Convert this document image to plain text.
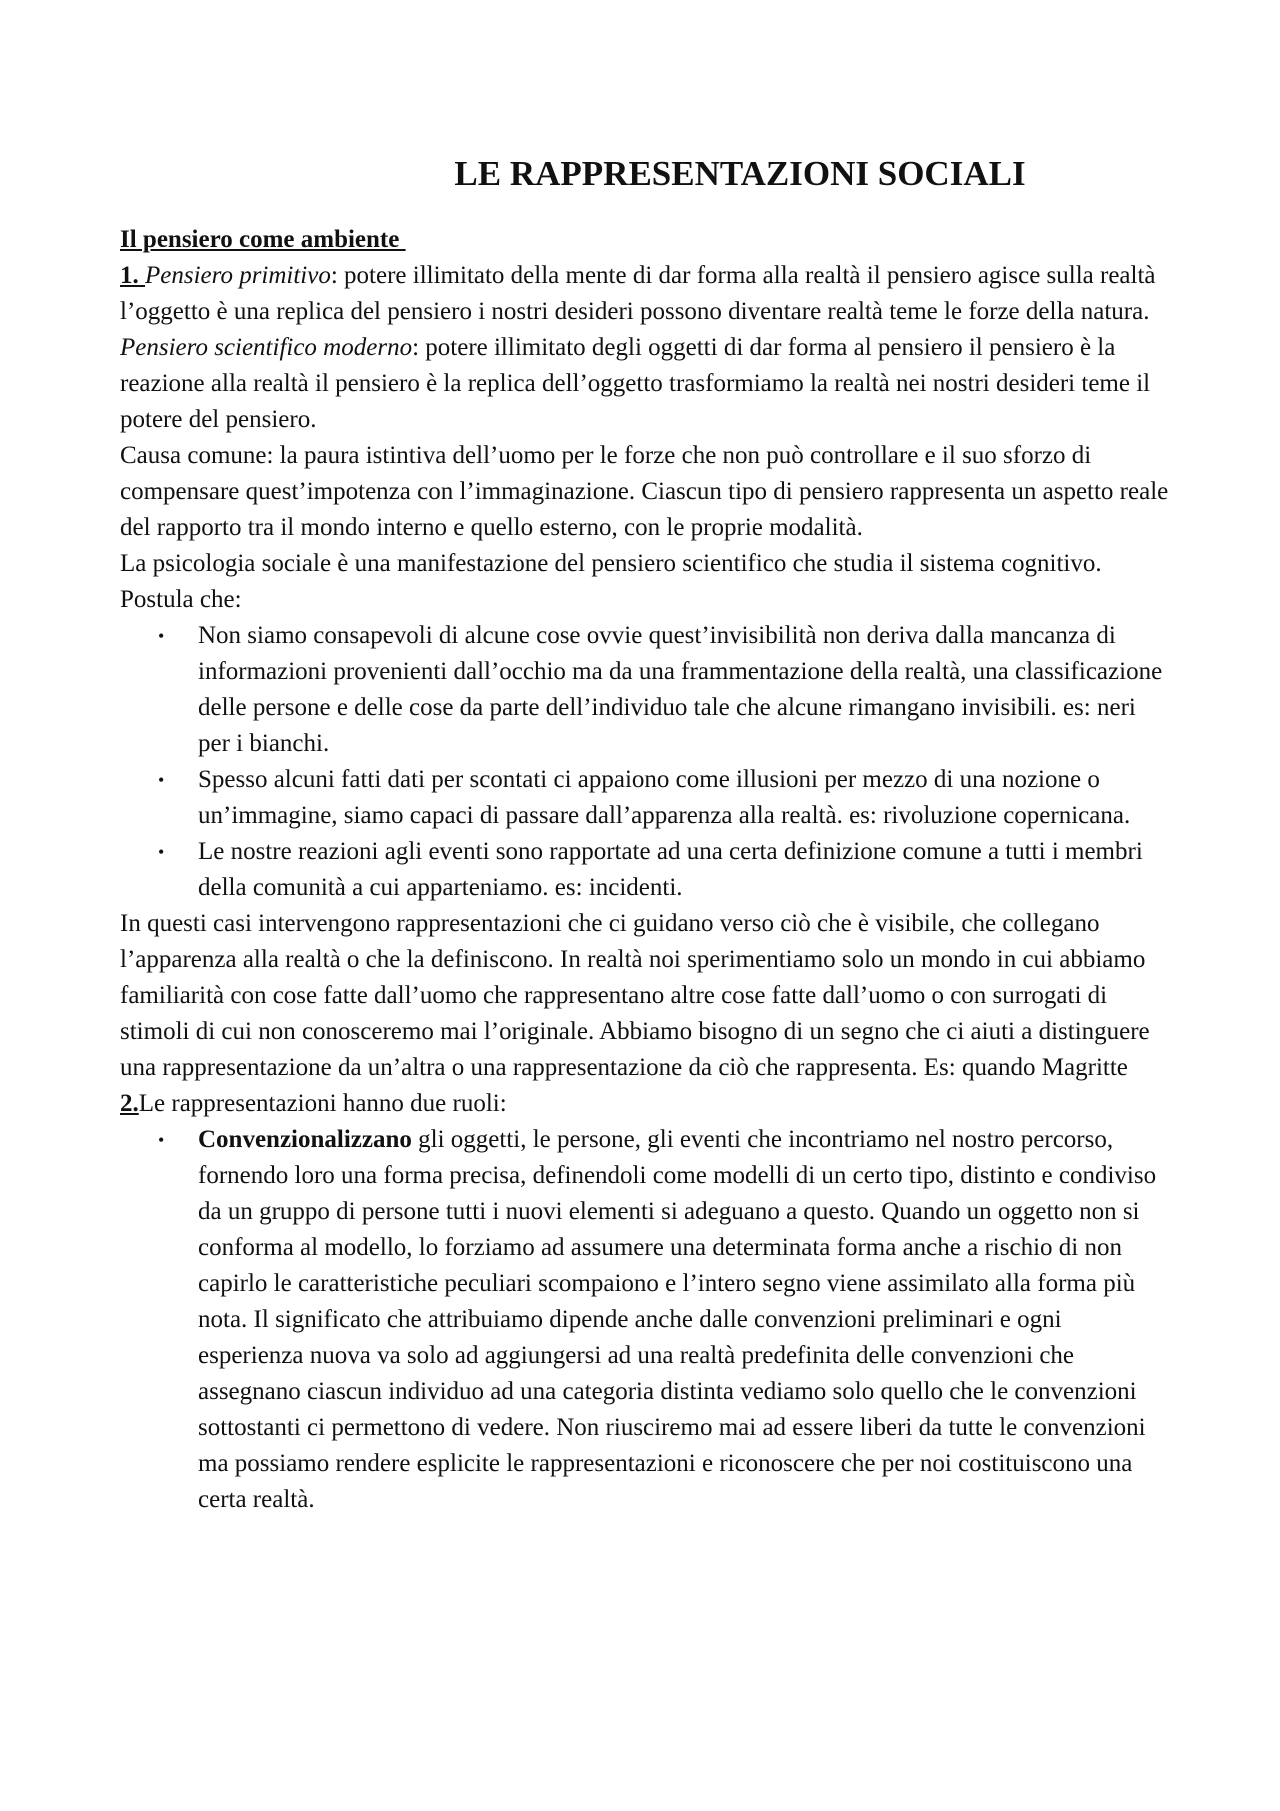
LE RAPPRESENTAZIONI SOCIALI
Il pensiero come ambiente

1. Pensiero primitivo: potere illimitato della mente di dar forma alla realtà il pensiero agisce sulla realtà l’oggetto è una replica del pensiero i nostri desideri possono diventare realtà teme le forze della natura.

Pensiero scientifico moderno: potere illimitato degli oggetti di dar forma al pensiero il pensiero è la reazione alla realtà il pensiero è la replica dell’oggetto trasformiamo la realtà nei nostri desideri teme il potere del pensiero.

Causa comune: la paura istintiva dell’uomo per le forze che non può controllare e il suo sforzo di compensare quest’impotenza con l’immaginazione. Ciascun tipo di pensiero rappresenta un aspetto reale del rapporto tra il mondo interno e quello esterno, con le proprie modalità.

La psicologia sociale è una manifestazione del pensiero scientifico che studia il sistema cognitivo. Postula che:

• Non siamo consapevoli di alcune cose ovvie quest’invisibilità non deriva dalla mancanza di informazioni provenienti dall’occhio ma da una frammentazione della realtà, una classificazione delle persone e delle cose da parte dell’individuo tale che alcune rimangano invisibili. es: neri per i bianchi.
• Spesso alcuni fatti dati per scontati ci appaiono come illusioni per mezzo di una nozione o un’immagine, siamo capaci di passare dall’apparenza alla realtà. es: rivoluzione copernicana.
• Le nostre reazioni agli eventi sono rapportate ad una certa definizione comune a tutti i membri della comunità a cui apparteniamo. es: incidenti.

In questi casi intervengono rappresentazioni che ci guidano verso ciò che è visibile, che collegano l’apparenza alla realtà o che la definiscono. In realtà noi sperimentiamo solo un mondo in cui abbiamo familiarità con cose fatte dall’uomo che rappresentano altre cose fatte dall’uomo o con surrogati di stimoli di cui non conosceremo mai l’originale. Abbiamo bisogno di un segno che ci aiuti a distinguere una rappresentazione da un’altra o una rappresentazione da ciò che rappresenta. Es: quando Magritte

2.Le rappresentazioni hanno due ruoli:

• Convenzionalizzano gli oggetti, le persone, gli eventi che incontriamo nel nostro percorso, fornendo loro una forma precisa, definendoli come modelli di un certo tipo, distinto e condiviso da un gruppo di persone tutti i nuovi elementi si adeguano a questo. Quando un oggetto non si conforma al modello, lo forziamo ad assumere una determinata forma anche a rischio di non capirlo le caratteristiche peculiari scompaiono e l’intero segno viene assimilato alla forma più nota. Il significato che attribuiamo dipende anche dalle convenzioni preliminari e ogni esperienza nuova va solo ad aggiungersi ad una realtà predefinita delle convenzioni che assegnano ciascun individuo ad una categoria distinta vediamo solo quello che le convenzioni sottostanti ci permettono di vedere. Non riusciremo mai ad essere liberi da tutte le convenzioni ma possiamo rendere esplicite le rappresentazioni e riconoscere che per noi costituiscono una certa realtà.
